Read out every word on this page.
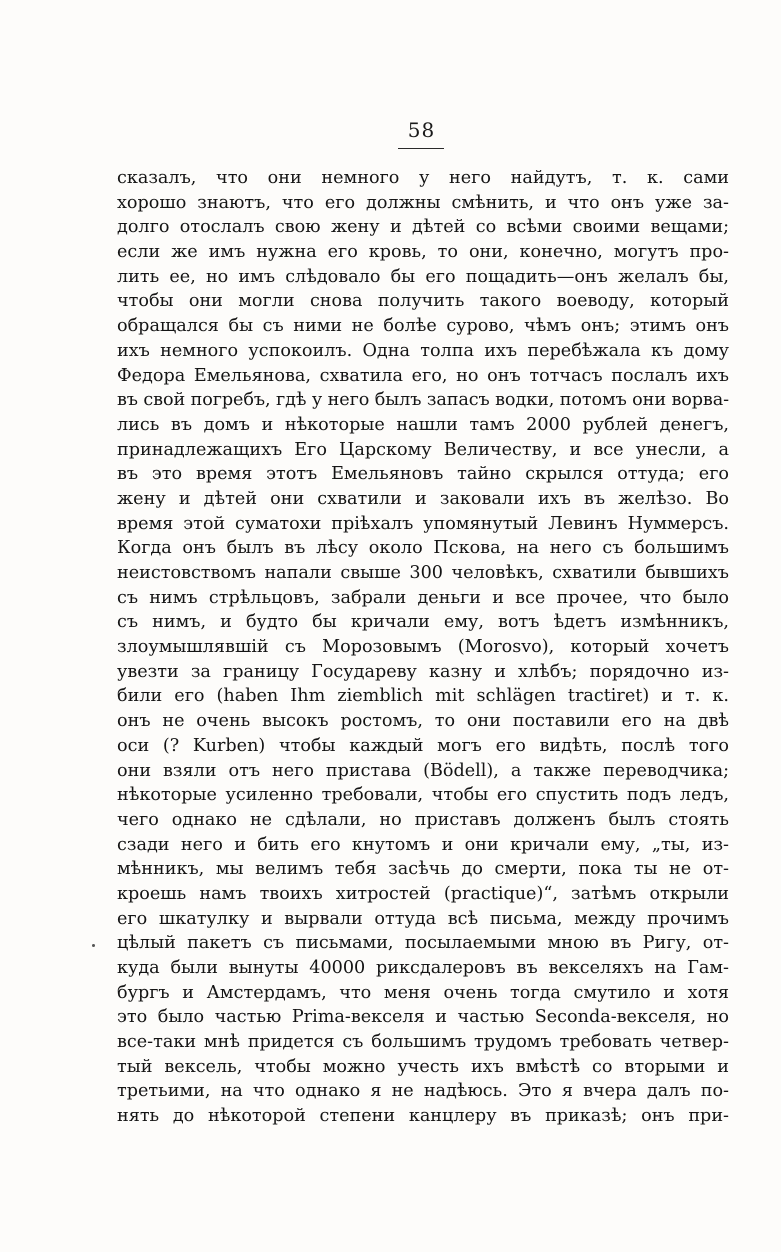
58
сказалъ, что они немного у него найдутъ, т. к. сами
хорошо знаютъ, что его должны смѣнить, и что онъ уже за-
долго отослалъ свою жену и дѣтей со всѣми своими вещами;
если же имъ нужна его кровь, то они, конечно, могутъ про-
лить ее, но имъ слѣдовало бы его пощадить—онъ желалъ бы,
чтобы они могли снова получить такого воеводу, который
обращался бы съ ними не болѣе сурово, чѣмъ онъ; этимъ онъ
ихъ немного успокоилъ. Одна толпа ихъ перебѣжала къ дому
Федора Емельянова, схватила его, но онъ тотчасъ послалъ ихъ
въ свой погребъ, гдѣ у него былъ запасъ водки, потомъ они ворва-
лись въ домъ и нѣкоторые нашли тамъ 2000 рублей денегъ,
принадлежащихъ Его Царскому Величеству, и все унесли, а
въ это время этотъ Емельяновъ тайно скрылся оттуда; его
жену и дѣтей они схватили и заковали ихъ въ желѣзо. Во
время этой суматохи пріѣхалъ упомянутый Левинъ Нуммерсъ.
Когда онъ былъ въ лѣсу около Пскова, на него съ большимъ
неистовствомъ напали свыше 300 человѣкъ, схватили бывшихъ
съ нимъ стрѣльцовъ, забрали деньги и все прочее, что было
съ нимъ, и будто бы кричали ему, вотъ ѣдетъ измѣнникъ,
злоумышлявшій съ Морозовымъ (Morosvo), который хочетъ
увезти за границу Государеву казну и хлѣбъ; порядочно из-
били его (haben Ihm ziemblich mit schlägen tractiret) и т. к.
онъ не очень высокъ ростомъ, то они поставили его на двѣ
оси (? Kurben) чтобы каждый могъ его видѣть, послѣ того
они взяли отъ него пристава (Bödell), а также переводчика;
нѣкоторые усиленно требовали, чтобы его спустить подъ ледъ,
чего однако не сдѣлали, но приставъ долженъ былъ стоять
сзади него и бить его кнутомъ и они кричали ему, „ты, из-
мѣнникъ, мы велимъ тебя засѣчь до смерти, пока ты не от-
кроешь намъ твоихъ хитростей (practique)“, затѣмъ открыли
его шкатулку и вырвали оттуда всѣ письма, между прочимъ
цѣлый пакетъ съ письмами, посылаемыми мною въ Ригу, от-
куда были вынуты 40000 риксдалеровъ въ векселяхъ на Гам-
бургъ и Амстердамъ, что меня очень тогда смутило и хотя
это было частью Prima-векселя и частью Seconda-векселя, но
все-таки мнѣ придется съ большимъ трудомъ требовать четвер-
тый вексель, чтобы можно учесть ихъ вмѣстѣ со вторыми и
третьими, на что однако я не надѣюсь. Это я вчера далъ по-
нять до нѣкоторой степени канцлеру въ приказѣ; онъ при-
